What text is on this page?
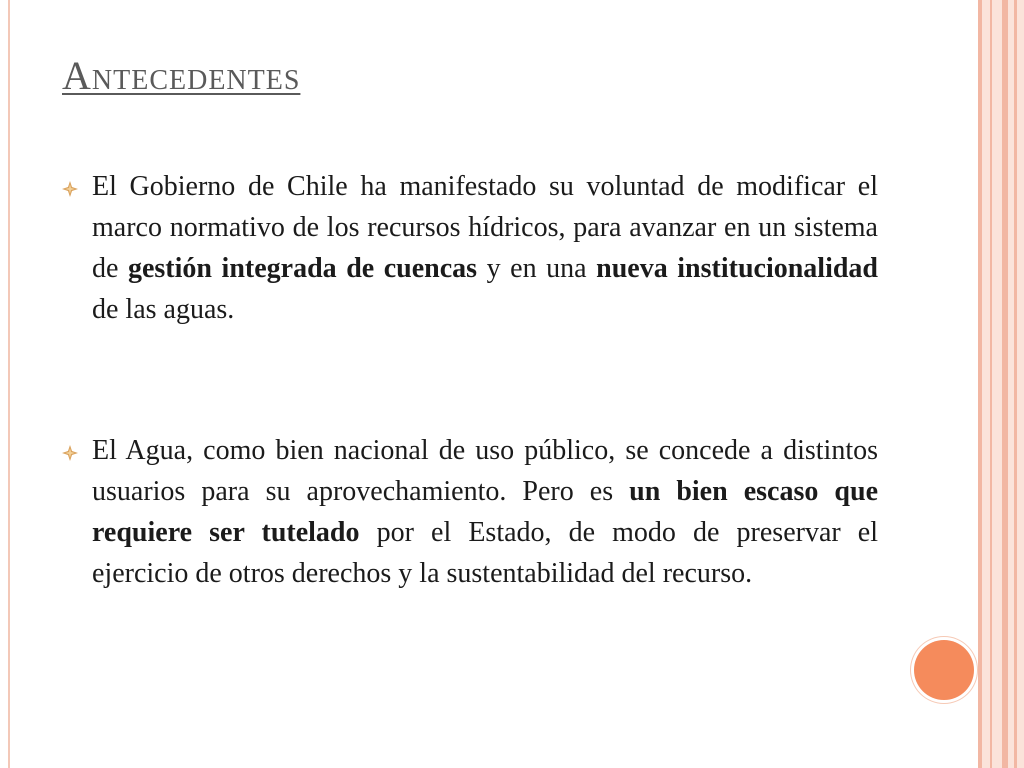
Antecedentes

El Gobierno de Chile ha manifestado su voluntad de modificar el marco normativo de los recursos hídricos, para avanzar en un sistema de gestión integrada de cuencas y en una nueva institucionalidad de las aguas.

El Agua, como bien nacional de uso público, se concede a distintos usuarios para su aprovechamiento. Pero es un bien escaso que requiere ser tutelado por el Estado, de modo de preservar el ejercicio de otros derechos y la sustentabilidad del recurso.
